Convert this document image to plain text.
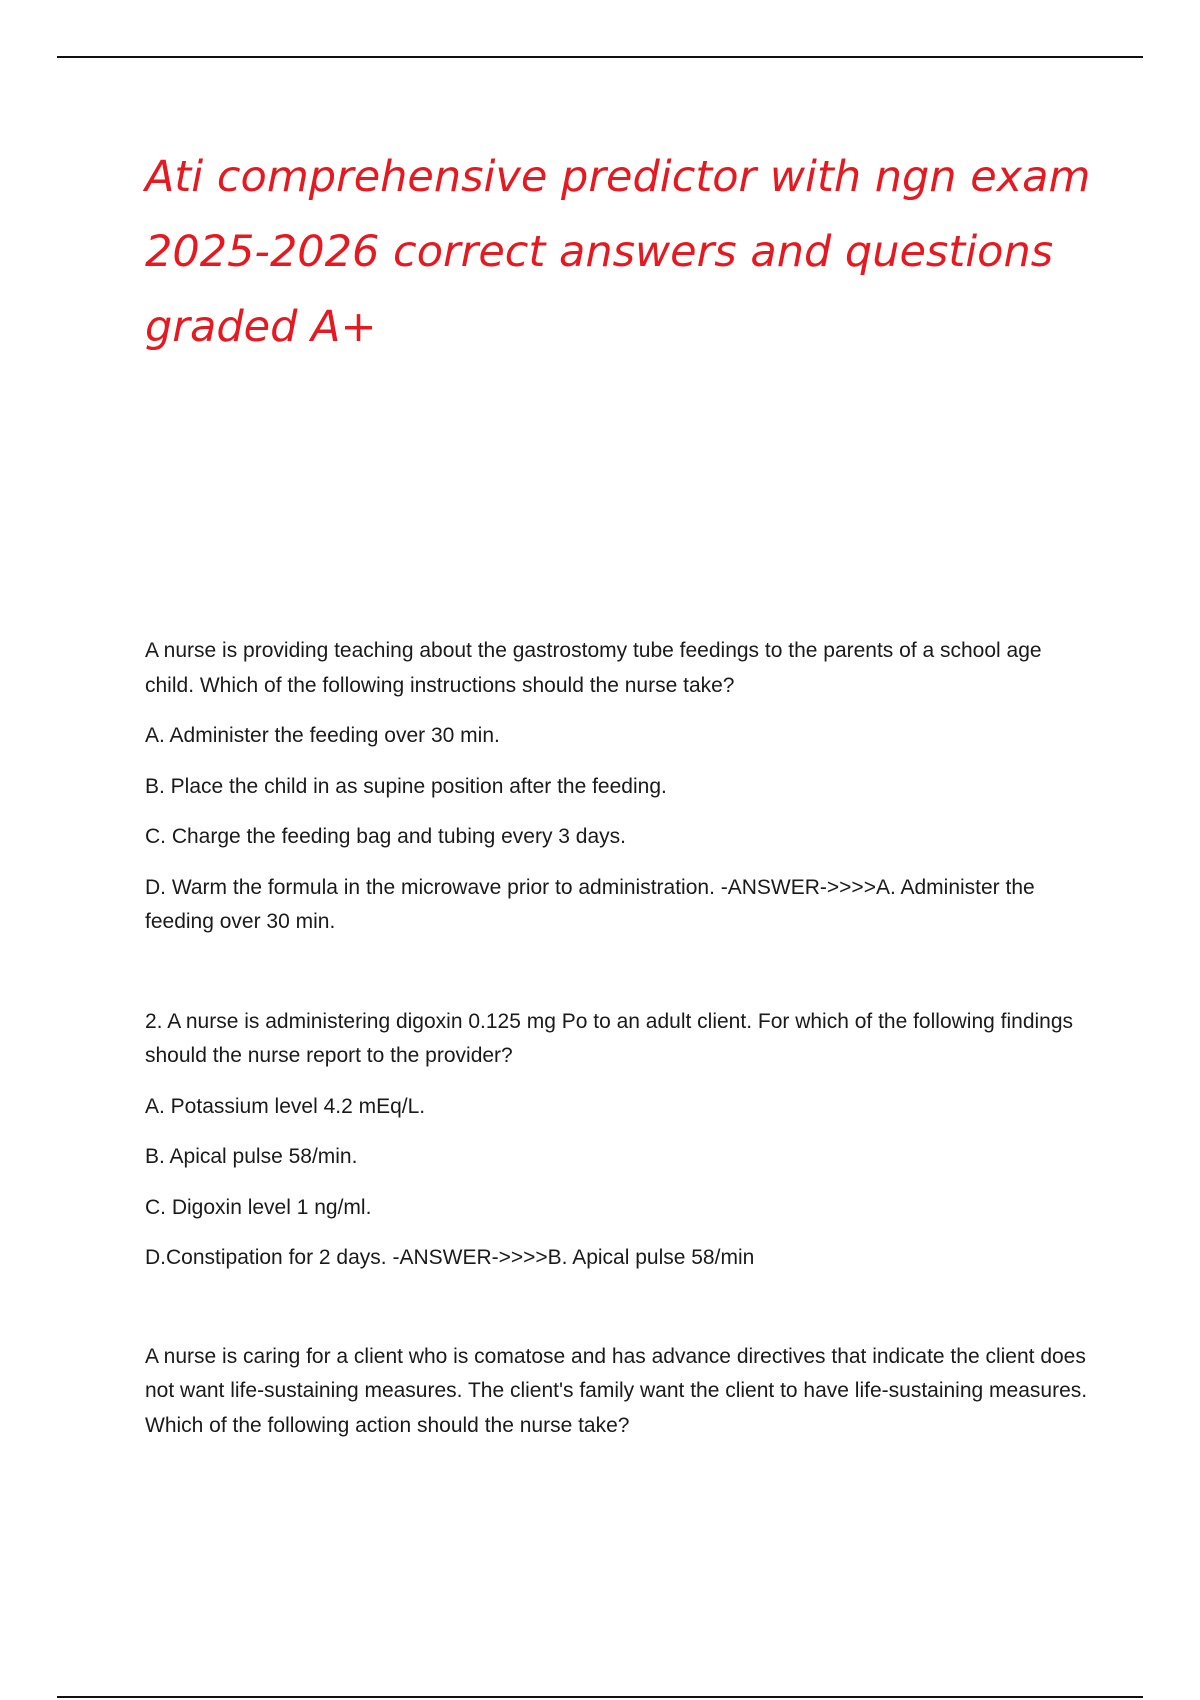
Ati comprehensive predictor with ngn exam 2025-2026 correct answers and questions graded A+

A nurse is providing teaching about the gastrostomy tube feedings to the parents of a school age child. Which of the following instructions should the nurse take?

A. Administer the feeding over 30 min.

B. Place the child in as supine position after the feeding.

C. Charge the feeding bag and tubing every 3 days.

D. Warm the formula in the microwave prior to administration. -ANSWER->>>>A. Administer the feeding over 30 min.

2. A nurse is administering digoxin 0.125 mg Po to an adult client. For which of the following findings should the nurse report to the provider?

A. Potassium level 4.2 mEq/L.

B. Apical pulse 58/min.

C. Digoxin level 1 ng/ml.

D.Constipation for 2 days. -ANSWER->>>>B. Apical pulse 58/min

A nurse is caring for a client who is comatose and has advance directives that indicate the client does not want life-sustaining measures. The client's family want the client to have life-sustaining measures. Which of the following action should the nurse take?
